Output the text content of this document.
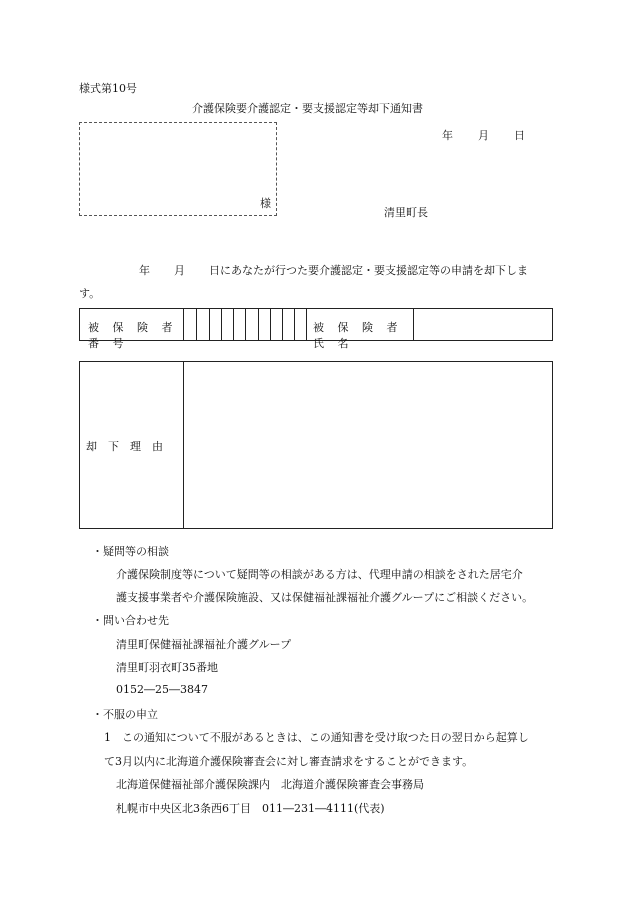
様式第10号
介護保険要介護認定・要支援認定等却下通知書
年 月 日
様
清里町長
年 月 日にあなたが行つた要介護認定・要支援認定等の申請を却下しま
す。
被 保 険 者 番 号
被 保 険 者 氏 名
却　下　理　由
・疑問等の相談
介護保険制度等について疑問等の相談がある方は、代理申請の相談をされた居宅介
護支援事業者や介護保険施設、又は保健福祉課福祉介護グループにご相談ください。
・問い合わせ先
清里町保健福祉課福祉介護グループ
清里町羽衣町35番地
0152―25―3847
・不服の申立
1　この通知について不服があるときは、この通知書を受け取つた日の翌日から起算し
て3月以内に北海道介護保険審査会に対し審査請求をすることができます。
北海道保健福祉部介護保険課内　北海道介護保険審査会事務局
札幌市中央区北3条西6丁目　011―231―4111(代表)
